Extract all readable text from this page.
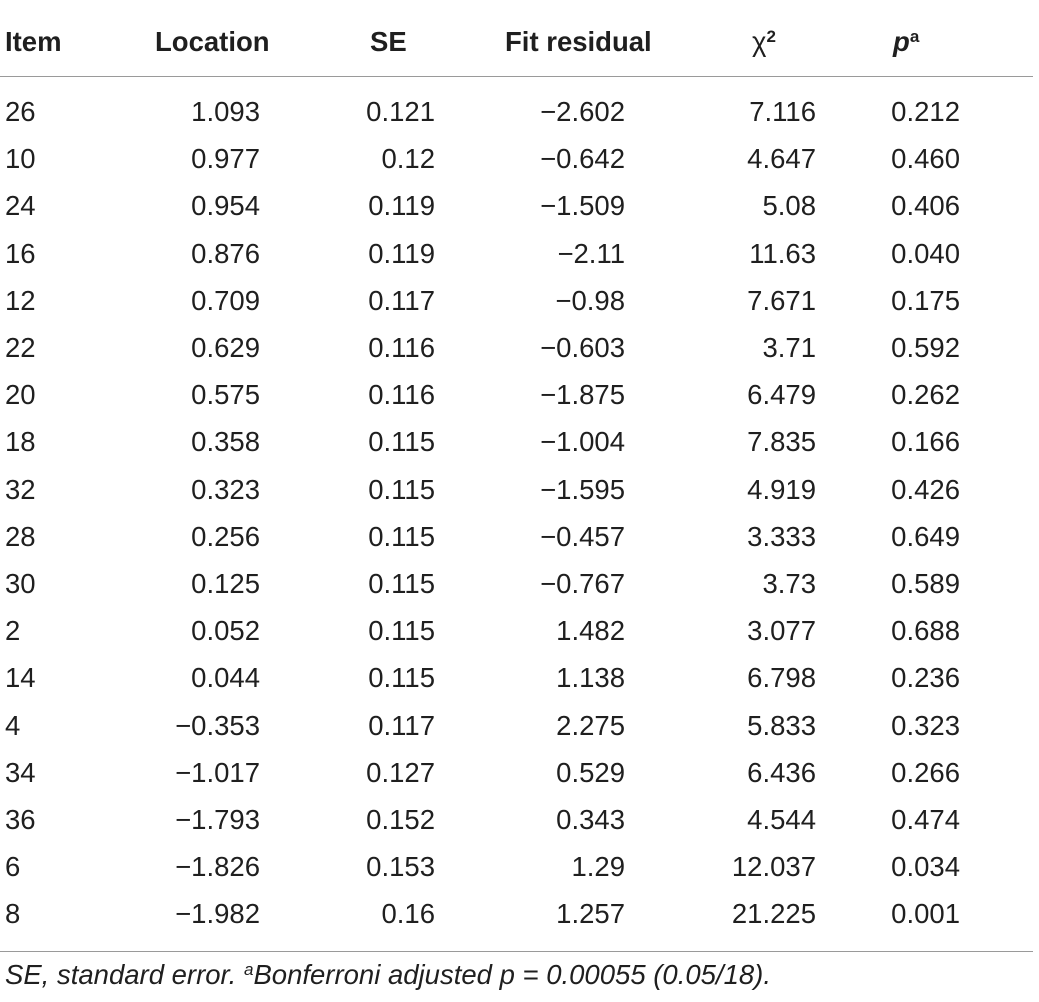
Item	Location	SE	Fit residual	$\chi^2$	$p^a$
26	1.093	0.121	−2.602	7.116	0.212
10	0.977	0.12	−0.642	4.647	0.460
24	0.954	0.119	−1.509	5.08	0.406
16	0.876	0.119	−2.11	11.63	0.040
12	0.709	0.117	−0.98	7.671	0.175
22	0.629	0.116	−0.603	3.71	0.592
20	0.575	0.116	−1.875	6.479	0.262
18	0.358	0.115	−1.004	7.835	0.166
32	0.323	0.115	−1.595	4.919	0.426
28	0.256	0.115	−0.457	3.333	0.649
30	0.125	0.115	−0.767	3.73	0.589
2	0.052	0.115	1.482	3.077	0.688
14	0.044	0.115	1.138	6.798	0.236
4	−0.353	0.117	2.275	5.833	0.323
34	−1.017	0.127	0.529	6.436	0.266
36	−1.793	0.152	0.343	4.544	0.474
6	−1.826	0.153	1.29	12.037	0.034
8	−1.982	0.16	1.257	21.225	0.001
SE, standard error. $^a$Bonferroni adjusted p = 0.00055 (0.05/18).
